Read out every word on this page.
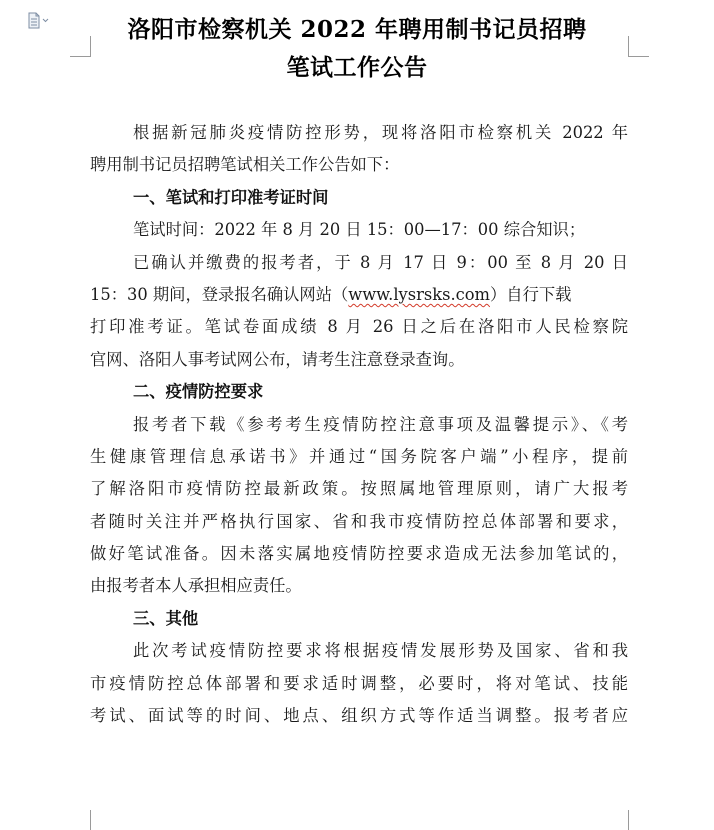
洛阳市检察机关 2022 年聘用制书记员招聘
笔试工作公告
根据新冠肺炎疫情防控形势，现将洛阳市检察机关 2022 年
聘用制书记员招聘笔试相关工作公告如下：
一、笔试和打印准考证时间
笔试时间：2022 年 8 月 20 日 15：00—17：00 综合知识；
已确认并缴费的报考者，于 8 月 17 日 9：00 至 8 月 20 日
15：30 期间，登录报名确认网站（www.lysrsks.com）自行下载
打印准考证。笔试卷面成绩 8 月 26 日之后在洛阳市人民检察院
官网、洛阳人事考试网公布，请考生注意登录查询。
二、疫情防控要求
报考者下载《参考考生疫情防控注意事项及温馨提示》、《考
生健康管理信息承诺书》并通过“国务院客户端”小程序，提前
了解洛阳市疫情防控最新政策。按照属地管理原则，请广大报考
者随时关注并严格执行国家、省和我市疫情防控总体部署和要求，
做好笔试准备。因未落实属地疫情防控要求造成无法参加笔试的，
由报考者本人承担相应责任。
三、其他
此次考试疫情防控要求将根据疫情发展形势及国家、省和我
市疫情防控总体部署和要求适时调整，必要时，将对笔试、技能
考试、面试等的时间、地点、组织方式等作适当调整。报考者应
